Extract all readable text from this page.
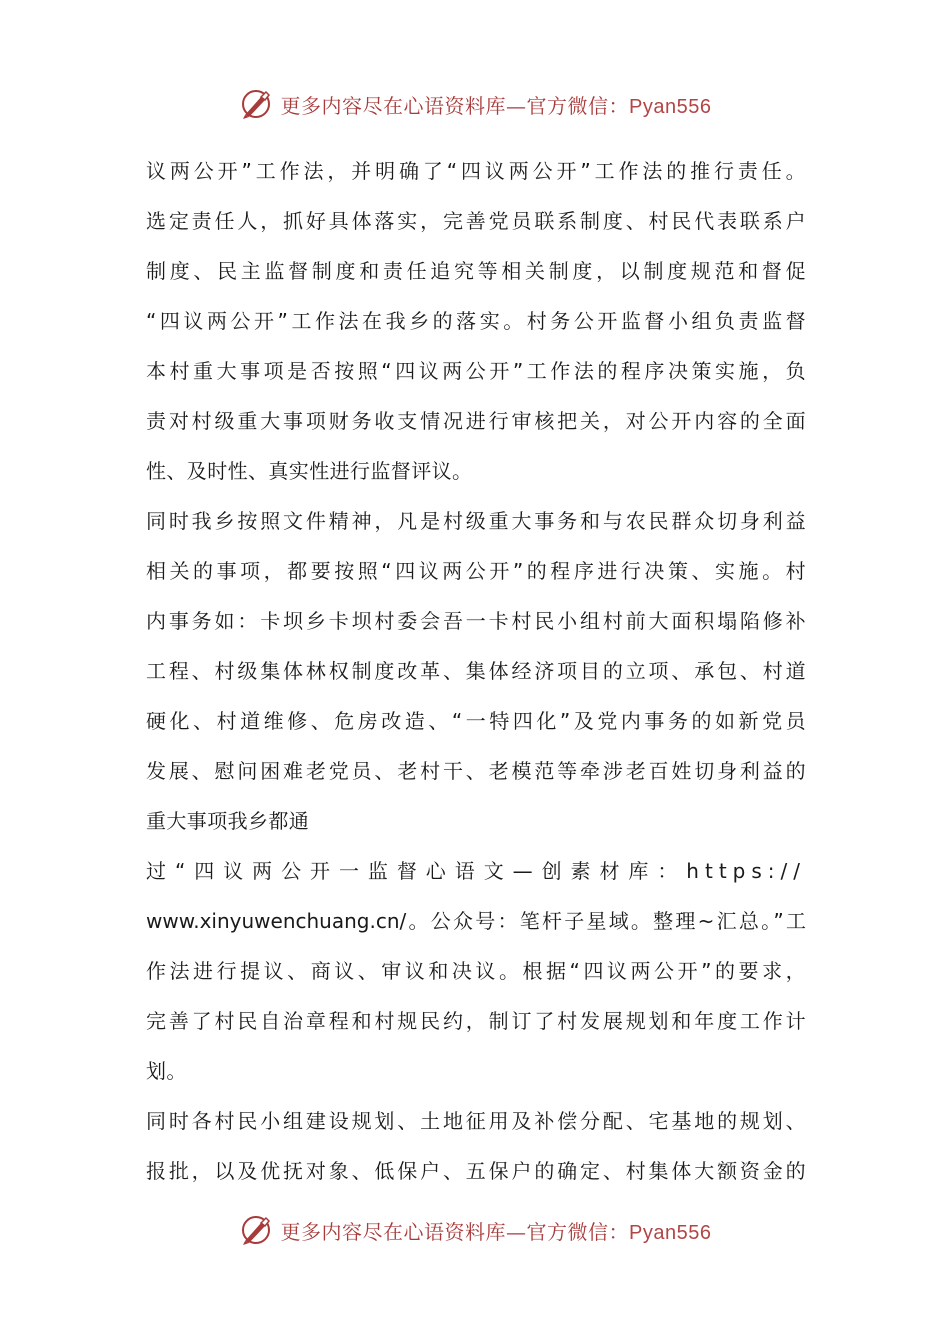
更多内容尽在心语资料库—官方微信：Pyan556
议两公开”工作法，并明确了“四议两公开”工作法的推行责任。
选定责任人，抓好具体落实，完善党员联系制度、村民代表联系户
制度、民主监督制度和责任追究等相关制度，以制度规范和督促
“四议两公开”工作法在我乡的落实。村务公开监督小组负责监督
本村重大事项是否按照“四议两公开”工作法的程序决策实施，负
责对村级重大事项财务收支情况进行审核把关，对公开内容的全面
性、及时性、真实性进行监督评议。
同时我乡按照文件精神，凡是村级重大事务和与农民群众切身利益
相关的事项，都要按照“四议两公开”的程序进行决策、实施。村
内事务如：卡坝乡卡坝村委会吾一卡村民小组村前大面积塌陷修补
工程、村级集体林权制度改革、集体经济项目的立项、承包、村道
硬化、村道维修、危房改造、“一特四化”及党内事务的如新党员
发展、慰问困难老党员、老村干、老模范等牵涉老百姓切身利益的
重大事项我乡都通
过“四议两公开一监督心语文—创素材库：https://
www.xinyuwenchuang.cn/。公众号：笔杆子星域。整理~汇总。”工
作法进行提议、商议、审议和决议。根据“四议两公开”的要求，
完善了村民自治章程和村规民约，制订了村发展规划和年度工作计
划。
同时各村民小组建设规划、土地征用及补偿分配、宅基地的规划、
报批，以及优抚对象、低保户、五保户的确定、村集体大额资金的
更多内容尽在心语资料库—官方微信：Pyan556
